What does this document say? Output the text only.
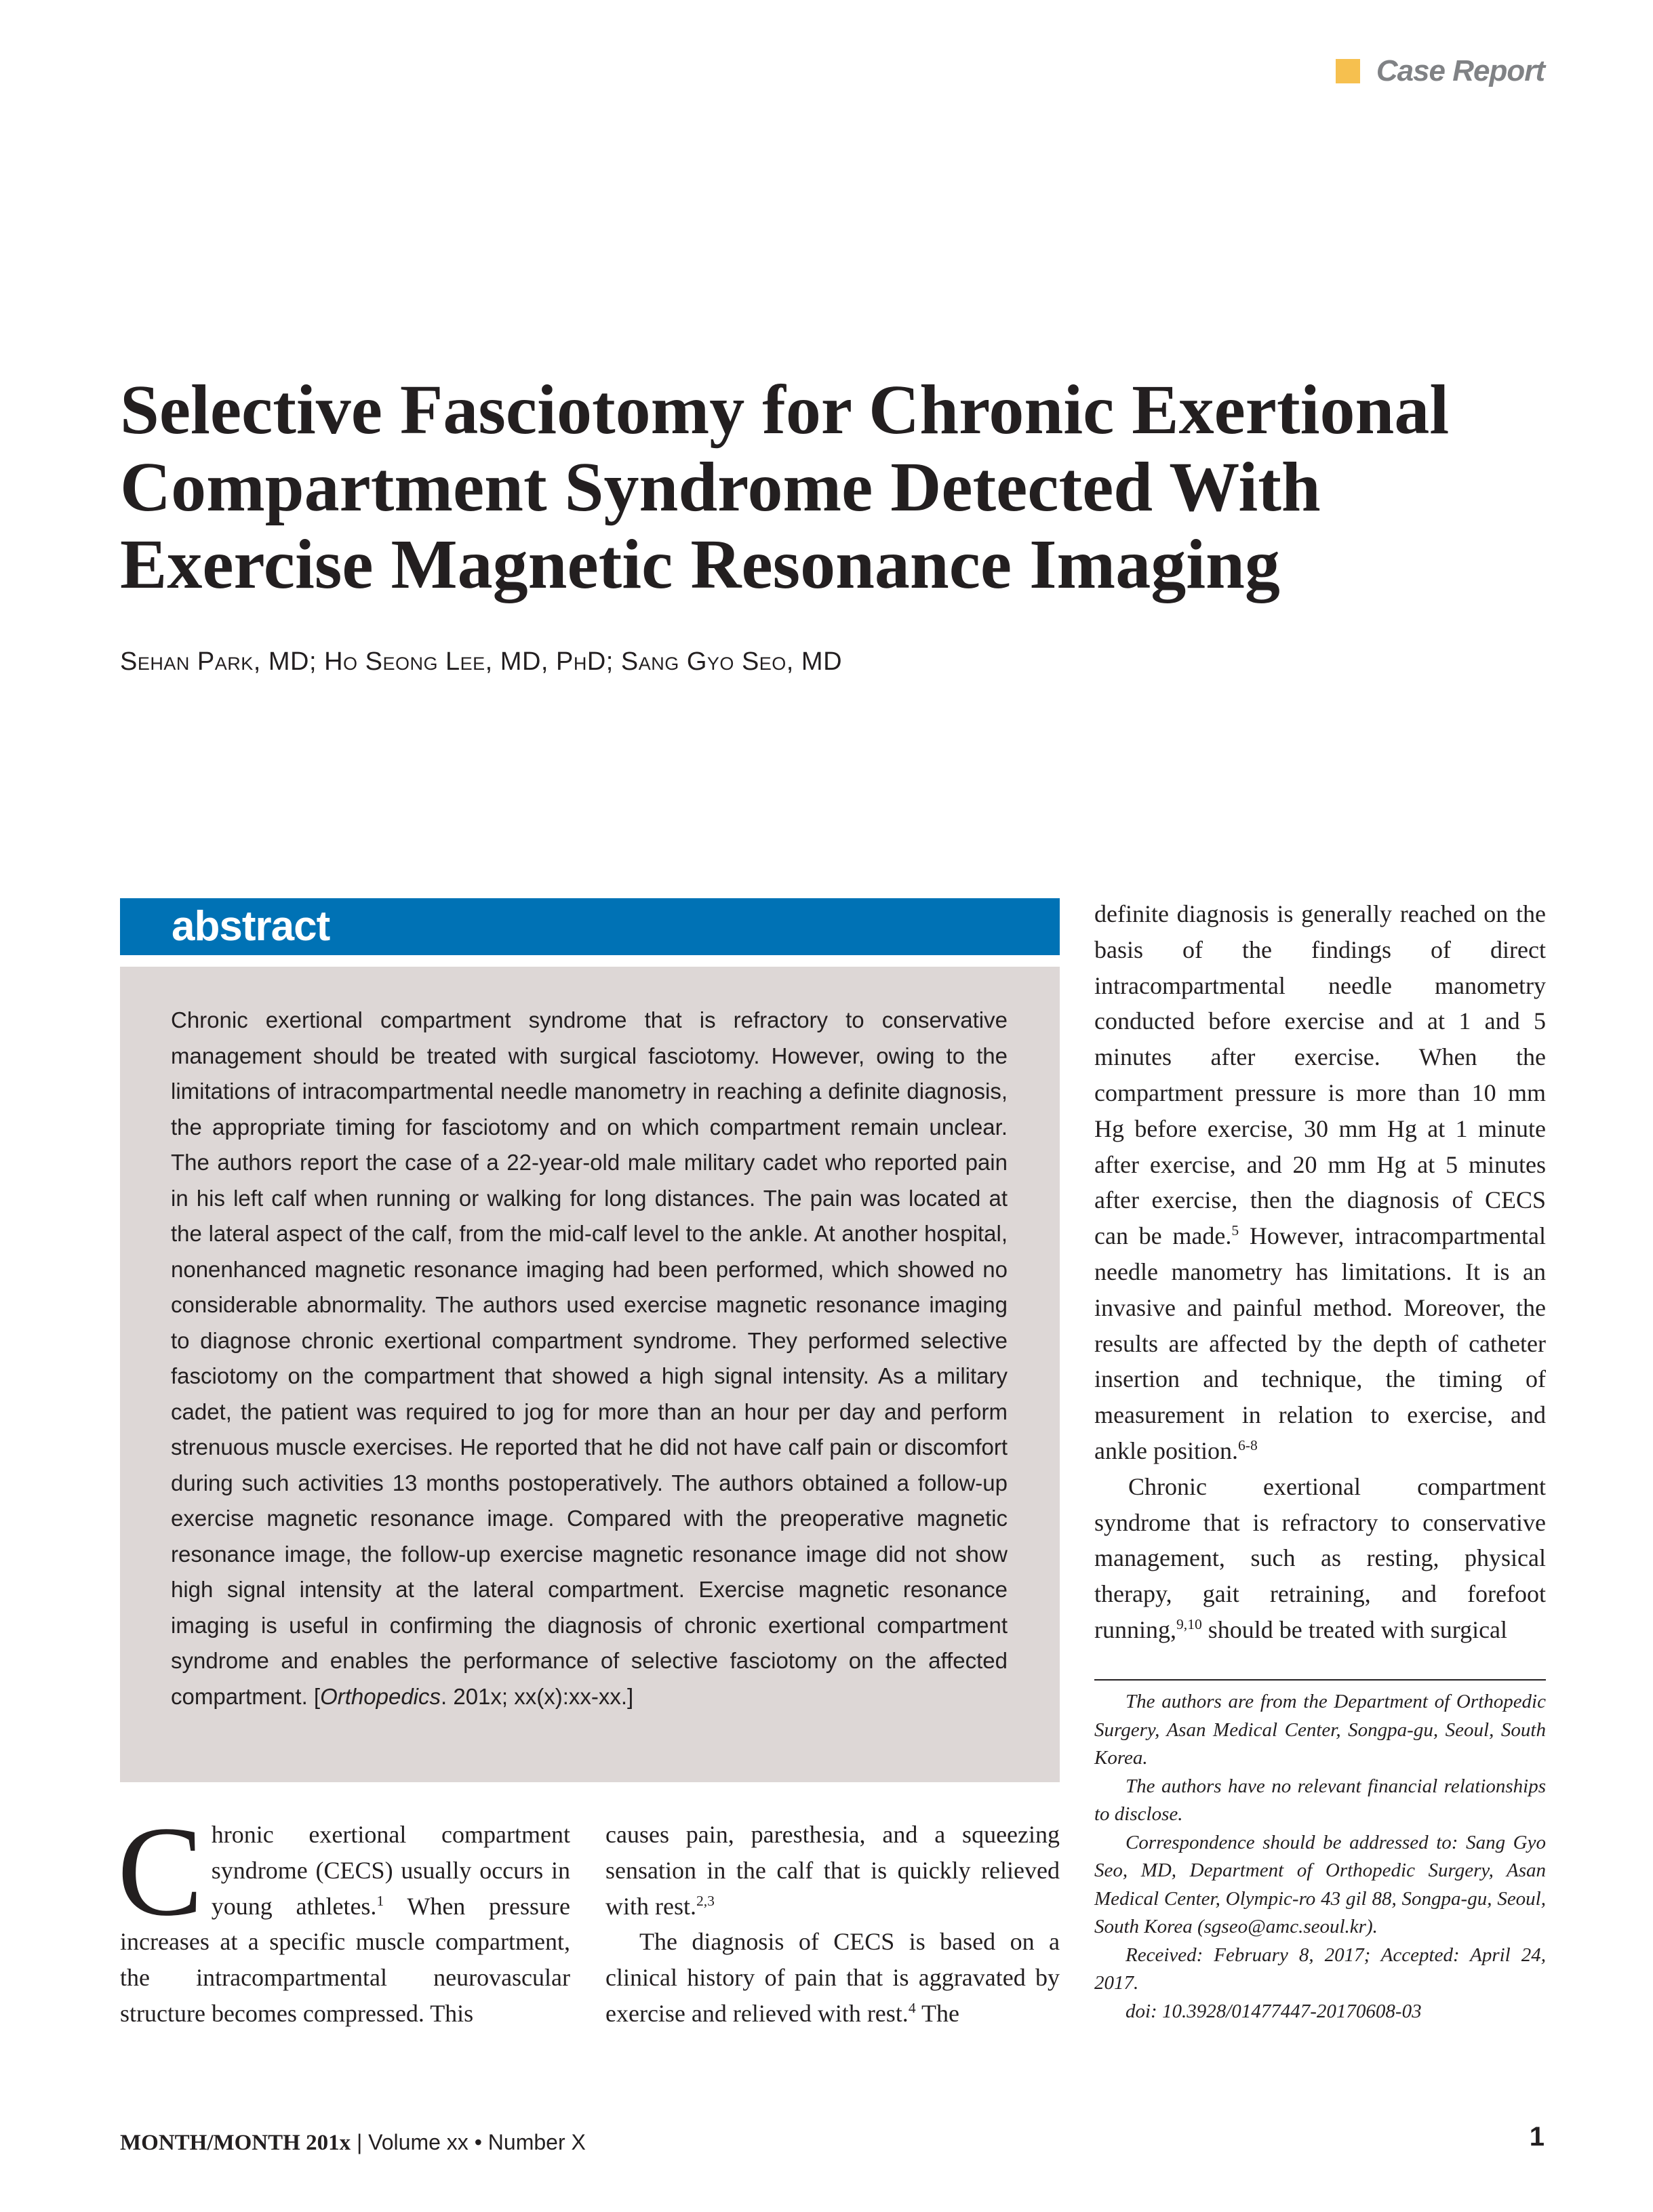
Case Report
Selective Fasciotomy for Chronic Exertional Compartment Syndrome Detected With Exercise Magnetic Resonance Imaging

Sehan Park, MD; Ho Seong Lee, MD, PhD; Sang Gyo Seo, MD

abstract

Chronic exertional compartment syndrome that is refractory to conservative management should be treated with surgical fasciotomy. However, owing to the limitations of intracompartmental needle manometry in reaching a definite diagnosis, the appropriate timing for fasciotomy and on which compartment remain unclear. The authors report the case of a 22-year-old male military cadet who reported pain in his left calf when running or walking for long distances. The pain was located at the lateral aspect of the calf, from the mid-calf level to the ankle. At another hospital, nonenhanced magnetic resonance imaging had been performed, which showed no considerable abnormality. The authors used exercise magnetic resonance imaging to diagnose chronic exertional compartment syndrome. They performed selective fasciotomy on the compartment that showed a high signal intensity. As a military cadet, the patient was required to jog for more than an hour per day and perform strenuous muscle exercises. He reported that he did not have calf pain or discomfort during such activities 13 months postoperatively. The authors obtained a follow-up exercise magnetic resonance image. Compared with the preoperative magnetic resonance image, the follow-up exercise magnetic resonance image did not show high signal intensity at the lateral compartment. Exercise magnetic resonance imaging is useful in confirming the diagnosis of chronic exertional compartment syndrome and enables the performance of selective fasciotomy on the affected compartment. [Orthopedics. 201x; xx(x):xx-xx.]

Chronic exertional compartment syndrome (CECS) usually occurs in young athletes.$^1$ When pressure increases at a specific muscle compartment, the intracompartmental neurovascular structure becomes compressed. This

causes pain, paresthesia, and a squeezing sensation in the calf that is quickly relieved with rest.$^{2,3}$

The diagnosis of CECS is based on a clinical history of pain that is aggravated by exercise and relieved with rest.$^4$ The

definite diagnosis is generally reached on the basis of the findings of direct intracompartmental needle manometry conducted before exercise and at 1 and 5 minutes after exercise. When the compartment pressure is more than 10 mm Hg before exercise, 30 mm Hg at 1 minute after exercise, and 20 mm Hg at 5 minutes after exercise, then the diagnosis of CECS can be made.$^5$ However, intracompartmental needle manometry has limitations. It is an invasive and painful method. Moreover, the results are affected by the depth of catheter insertion and technique, the timing of measurement in relation to exercise, and ankle position.$^{6-8}$

Chronic exertional compartment syndrome that is refractory to conservative management, such as resting, physical therapy, gait retraining, and forefoot running,$^{9,10}$ should be treated with surgical

The authors are from the Department of Orthopedic Surgery, Asan Medical Center, Songpa-gu, Seoul, South Korea.

The authors have no relevant financial relationships to disclose.

Correspondence should be addressed to: Sang Gyo Seo, MD, Department of Orthopedic Surgery, Asan Medical Center, Olympic-ro 43 gil 88, Songpa-gu, Seoul, South Korea (sgseo@amc.seoul.kr).

Received: February 8, 2017; Accepted: April 24, 2017.

doi: 10.3928/01477447-20170608-03

MONTH/MONTH 201x | Volume xx • Number X	1
